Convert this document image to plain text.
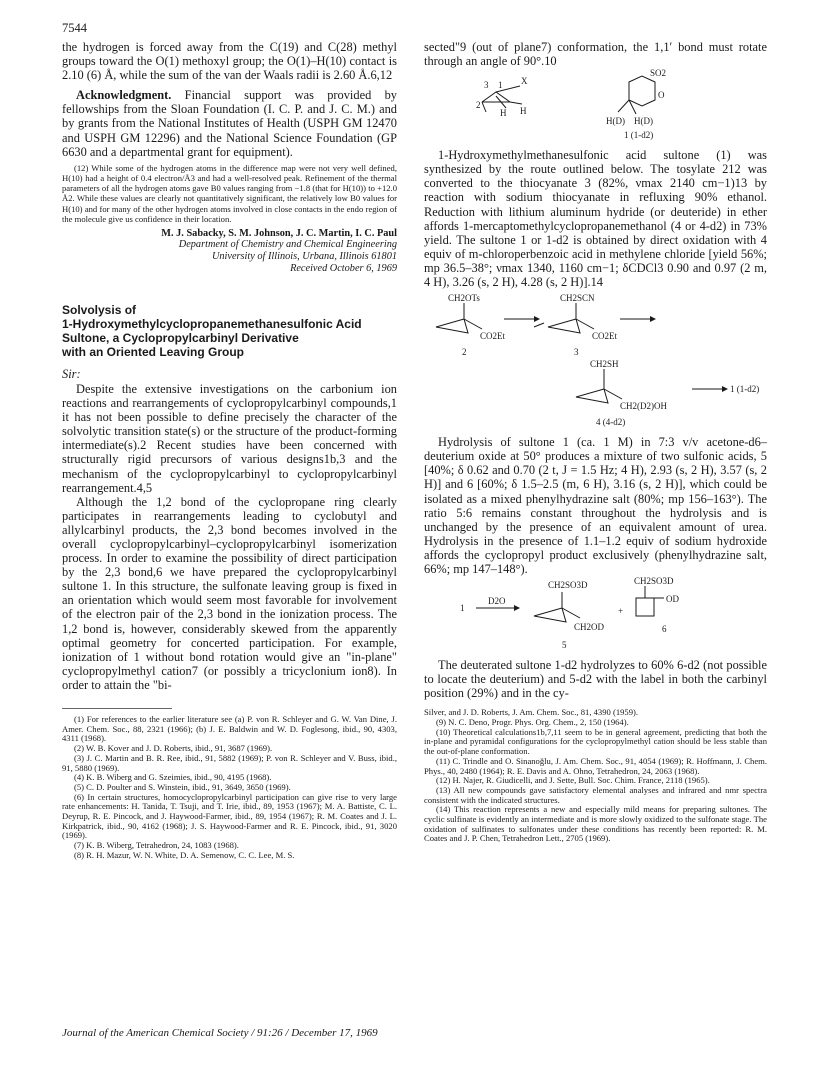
7544

the hydrogen is forced away from the C(19) and C(28) methyl groups toward the O(1) methoxyl group; the O(1)–H(10) contact is 2.10 (6) Å, while the sum of the van der Waals radii is 2.60 Å.6,12

Acknowledgment. Financial support was provided by fellowships from the Sloan Foundation (I. C. P. and J. C. M.) and by grants from the National Institutes of Health (USPH GM 12470 and USPH GM 12296) and the National Science Foundation (GP 6630 and a departmental grant for equipment).

(12) While some of the hydrogen atoms in the difference map were not very well defined, H(10) had a height of 0.4 electron/Å3 and had a well-resolved peak. Refinement of the thermal parameters of all the hydrogen atoms gave B0 values ranging from −1.8 (that for H(10)) to +12.0 Å2. While these values are clearly not quantitatively significant, the relatively low B0 values for H(10) and for many of the other hydrogen atoms involved in close contacts in the endo region of the molecule give us confidence in their location.

M. J. Sabacky, S. M. Johnson, J. C. Martin, I. C. Paul

Department of Chemistry and Chemical Engineering

University of Illinois, Urbana, Illinois 61801

Received October 6, 1969

Solvolysis of
1-Hydroxymethylcyclopropanemethanesulfonic Acid
Sultone, a Cyclopropylcarbinyl Derivative
with an Oriented Leaving Group

Sir:

Despite the extensive investigations on the carbonium ion reactions and rearrangements of cyclopropylcarbinyl compounds,1 it has not been possible to define precisely the character of the solvolytic transition state(s) or the structure of the product-forming intermediate(s).2 Recent studies have been concerned with structurally rigid precursors of various designs1b,3 and the mechanism of the cyclopropylcarbinyl to cyclopropylcarbinyl rearrangement.4,5

Although the 1,2 bond of the cyclopropane ring clearly participates in rearrangements leading to cyclobutyl and allylcarbinyl products, the 2,3 bond becomes involved in the overall cyclopropylcarbinyl–cyclopropylcarbinyl isomerization process. In order to examine the possibility of direct participation by the 2,3 bond,6 we have prepared the cyclopropylcarbinyl sultone 1. In this structure, the sulfonate leaving group is fixed in an orientation which would seem most favorable for involvement of the electron pair of the 2,3 bond in the ionization process. The 1,2 bond is, however, considerably skewed from the apparently optimal geometry for concerted participation. For example, ionization of 1 without bond rotation would give an "in-plane" cyclopropylmethyl cation7 (or possibly a tricyclonium ion8). In order to attain the "bi-

(1) For references to the earlier literature see (a) P. von R. Schleyer and G. W. Van Dine, J. Amer. Chem. Soc., 88, 2321 (1966); (b) J. E. Baldwin and W. D. Foglesong, ibid., 90, 4303, 4311 (1968).

(2) W. B. Kover and J. D. Roberts, ibid., 91, 3687 (1969).

(3) J. C. Martin and B. R. Ree, ibid., 91, 5882 (1969); P. von R. Schleyer and V. Buss, ibid., 91, 5880 (1969).

(4) K. B. Wiberg and G. Szeimies, ibid., 90, 4195 (1968).

(5) C. D. Poulter and S. Winstein, ibid., 91, 3649, 3650 (1969).

(6) In certain structures, homocyclopropylcarbinyl participation can give rise to very large rate enhancements: H. Tanida, T. Tsuji, and T. Irie, ibid., 89, 1953 (1967); M. A. Battiste, C. L. Deyrup, R. E. Pincock, and J. Haywood-Farmer, ibid., 89, 1954 (1967); R. M. Coates and J. L. Kirkpatrick, ibid., 90, 4162 (1968); J. S. Haywood-Farmer and R. E. Pincock, ibid., 91, 3020 (1969).

(7) K. B. Wiberg, Tetrahedron, 24, 1083 (1968).

(8) R. H. Mazur, W. N. White, D. A. Semenow, C. C. Lee, M. S.

sected"9 (out of plane7) conformation, the 1,1′ bond must rotate through an angle of 90°.10

3 1
2
X
H H
SO2
O
H(D) H(D)
1 (1-d2)

1-Hydroxymethylmethanesulfonic acid sultone (1) was synthesized by the route outlined below. The tosylate 212 was converted to the thiocyanate 3 (82%, νmax 2140 cm−1)13 by reaction with sodium thiocyanate in refluxing 90% ethanol. Reduction with lithium aluminum hydride (or deuteride) in ether affords 1-mercaptomethylcyclopropanemethanol (4 or 4-d2) in 73% yield. The sultone 1 or 1-d2 is obtained by direct oxidation with 4 equiv of m-chloroperbenzoic acid in methylene chloride [yield 56%; mp 36.5–38°; νmax 1340, 1160 cm−1; δCDCl3 0.90 and 0.97 (2 m, 4 H), 3.26 (s, 2 H), 4.28 (s, 2 H)].14

CH2OTs
CO2Et
2
CH2SCN
CO2Et
3
CH2SH
CH2(D2)OH
4 (4-d2)
1 (1-d2)

Hydrolysis of sultone 1 (ca. 1 M) in 7:3 v/v acetone-d6–deuterium oxide at 50° produces a mixture of two sulfonic acids, 5 [40%; δ 0.62 and 0.70 (2 t, J = 1.5 Hz; 4 H), 2.93 (s, 2 H), 3.57 (s, 2 H)] and 6 [60%; δ 1.5–2.5 (m, 6 H), 3.16 (s, 2 H)], which could be isolated as a mixed phenylhydrazine salt (80%; mp 156–163°). The ratio 5:6 remains constant throughout the hydrolysis and is unchanged by the presence of an equivalent amount of urea. Hydrolysis in the presence of 1.1–1.2 equiv of sodium hydroxide affords the cyclopropyl product exclusively (phenylhydrazine salt, 66%; mp 147–148°).

1
D2O
CH2SO3D
CH2OD
5
+
CH2SO3D
OD
6

The deuterated sultone 1-d2 hydrolyzes to 60% 6-d2 (not possible to locate the deuterium) and 5-d2 with the label in both the carbinyl position (29%) and in the cy-

Silver, and J. D. Roberts, J. Am. Chem. Soc., 81, 4390 (1959).

(9) N. C. Deno, Progr. Phys. Org. Chem., 2, 150 (1964).

(10) Theoretical calculations1b,7,11 seem to be in general agreement, predicting that both the in-plane and pyramidal configurations for the cyclopropylmethyl cation should be less stable than the out-of-plane conformation.

(11) C. Trindle and O. Sinanoğlu, J. Am. Chem. Soc., 91, 4054 (1969); R. Hoffmann, J. Chem. Phys., 40, 2480 (1964); R. E. Davis and A. Ohno, Tetrahedron, 24, 2063 (1968).

(12) H. Najer, R. Giudicelli, and J. Sette, Bull. Soc. Chim. France, 2118 (1965).

(13) All new compounds gave satisfactory elemental analyses and infrared and nmr spectra consistent with the indicated structures.

(14) This reaction represents a new and especially mild means for preparing sultones. The cyclic sulfinate is evidently an intermediate and is more slowly oxidized to the sulfonate stage. The oxidation of sulfinates to sulfonates under these conditions has recently been reported: R. M. Coates and J. P. Chen, Tetrahedron Lett., 2705 (1969).

Journal of the American Chemical Society / 91:26 / December 17, 1969
